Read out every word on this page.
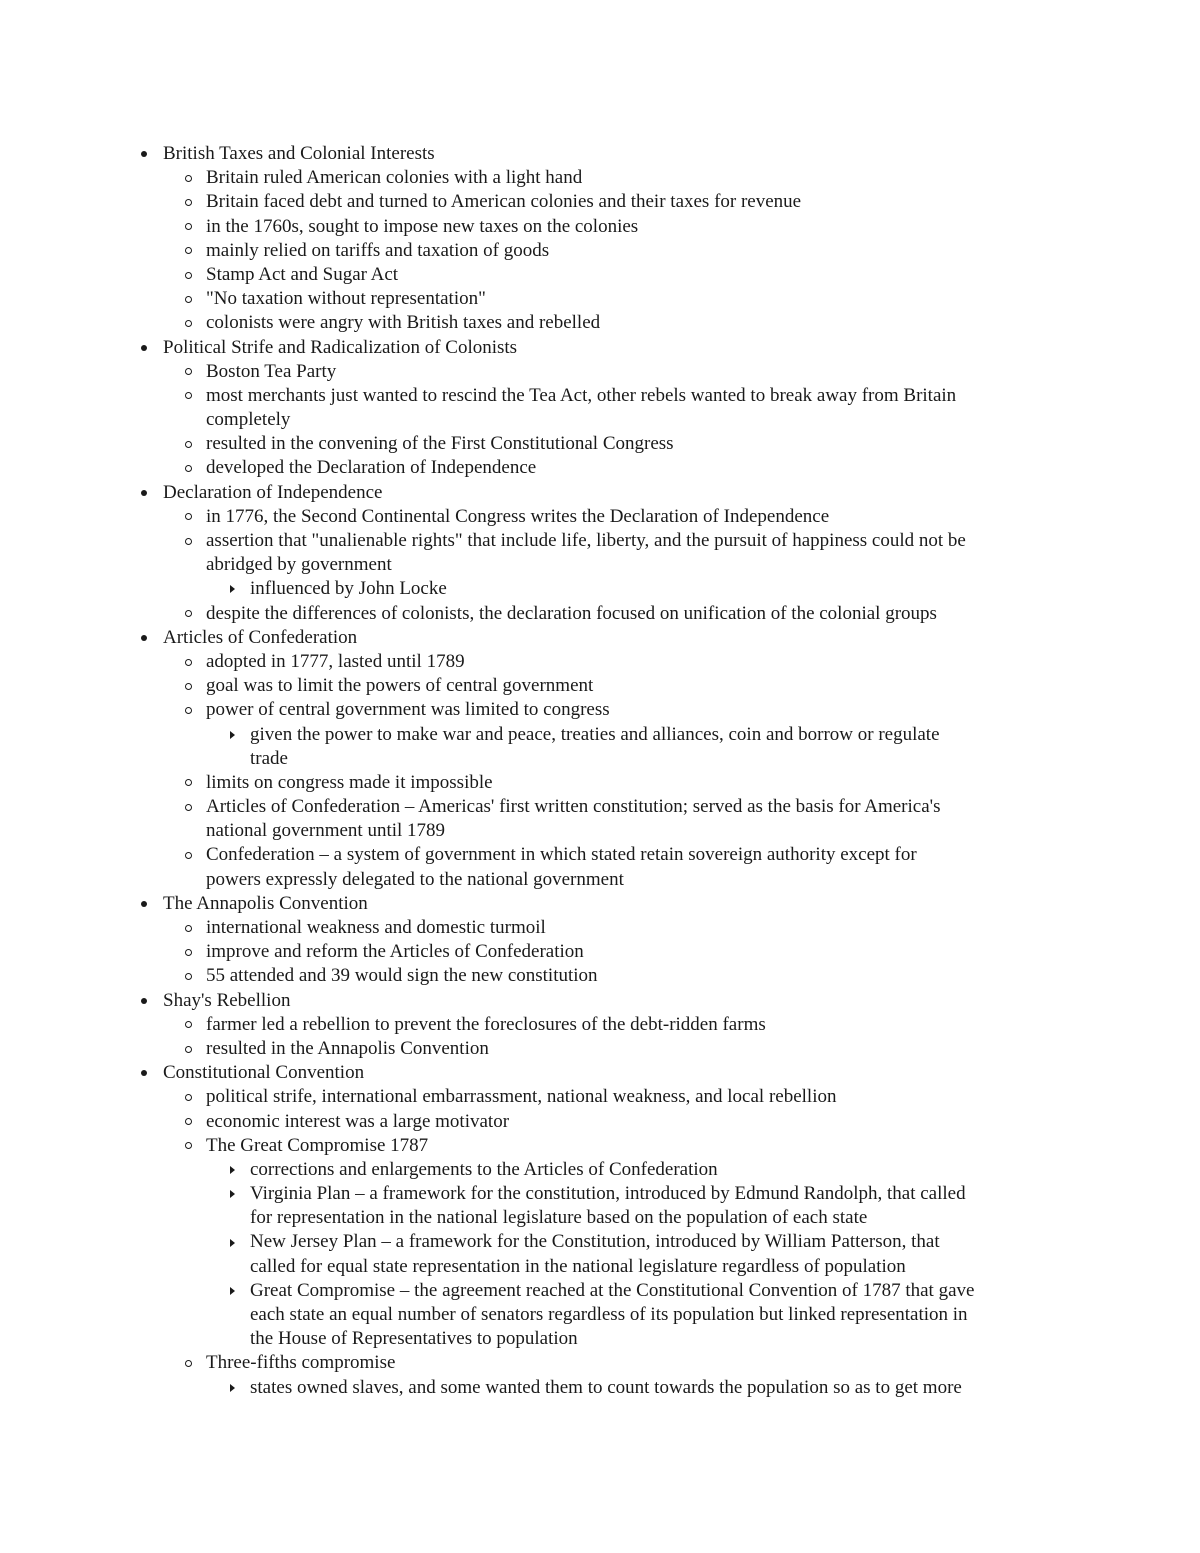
British Taxes and Colonial Interests
Britain ruled American colonies with a light hand
Britain faced debt and turned to American colonies and their taxes for revenue
in the 1760s, sought to impose new taxes on the colonies
mainly relied on tariffs and taxation of goods
Stamp Act and Sugar Act
"No taxation without representation"
colonists were angry with British taxes and rebelled
Political Strife and Radicalization of Colonists
Boston Tea Party
most merchants just wanted to rescind the Tea Act, other rebels wanted to break away from Britain
completely
resulted in the convening of the First Constitutional Congress
developed the Declaration of Independence
Declaration of Independence
in 1776, the Second Continental Congress writes the Declaration of Independence
assertion that "unalienable rights" that include life, liberty, and the pursuit of happiness could not be
abridged by government
influenced by John Locke
despite the differences of colonists, the declaration focused on unification of the colonial groups
Articles of Confederation
adopted in 1777, lasted until 1789
goal was to limit the powers of central government
power of central government was limited to congress
given the power to make war and peace, treaties and alliances, coin and borrow or regulate
trade
limits on congress made it impossible
Articles of Confederation – Americas' first written constitution; served as the basis for America's
national government until 1789
Confederation – a system of government in which stated retain sovereign authority except for
powers expressly delegated to the national government
The Annapolis Convention
international weakness and domestic turmoil
improve and reform the Articles of Confederation
55 attended and 39 would sign the new constitution
Shay's Rebellion
farmer led a rebellion to prevent the foreclosures of the debt-ridden farms
resulted in the Annapolis Convention
Constitutional Convention
political strife, international embarrassment, national weakness, and local rebellion
economic interest was a large motivator
The Great Compromise 1787
corrections and enlargements to the Articles of Confederation
Virginia Plan – a framework for the constitution, introduced by Edmund Randolph, that called
for representation in the national legislature based on the population of each state
New Jersey Plan – a framework for the Constitution, introduced by William Patterson, that
called for equal state representation in the national legislature regardless of population
Great Compromise – the agreement reached at the Constitutional Convention of 1787 that gave
each state an equal number of senators regardless of its population but linked representation in
the House of Representatives to population
Three-fifths compromise
states owned slaves, and some wanted them to count towards the population so as to get more
